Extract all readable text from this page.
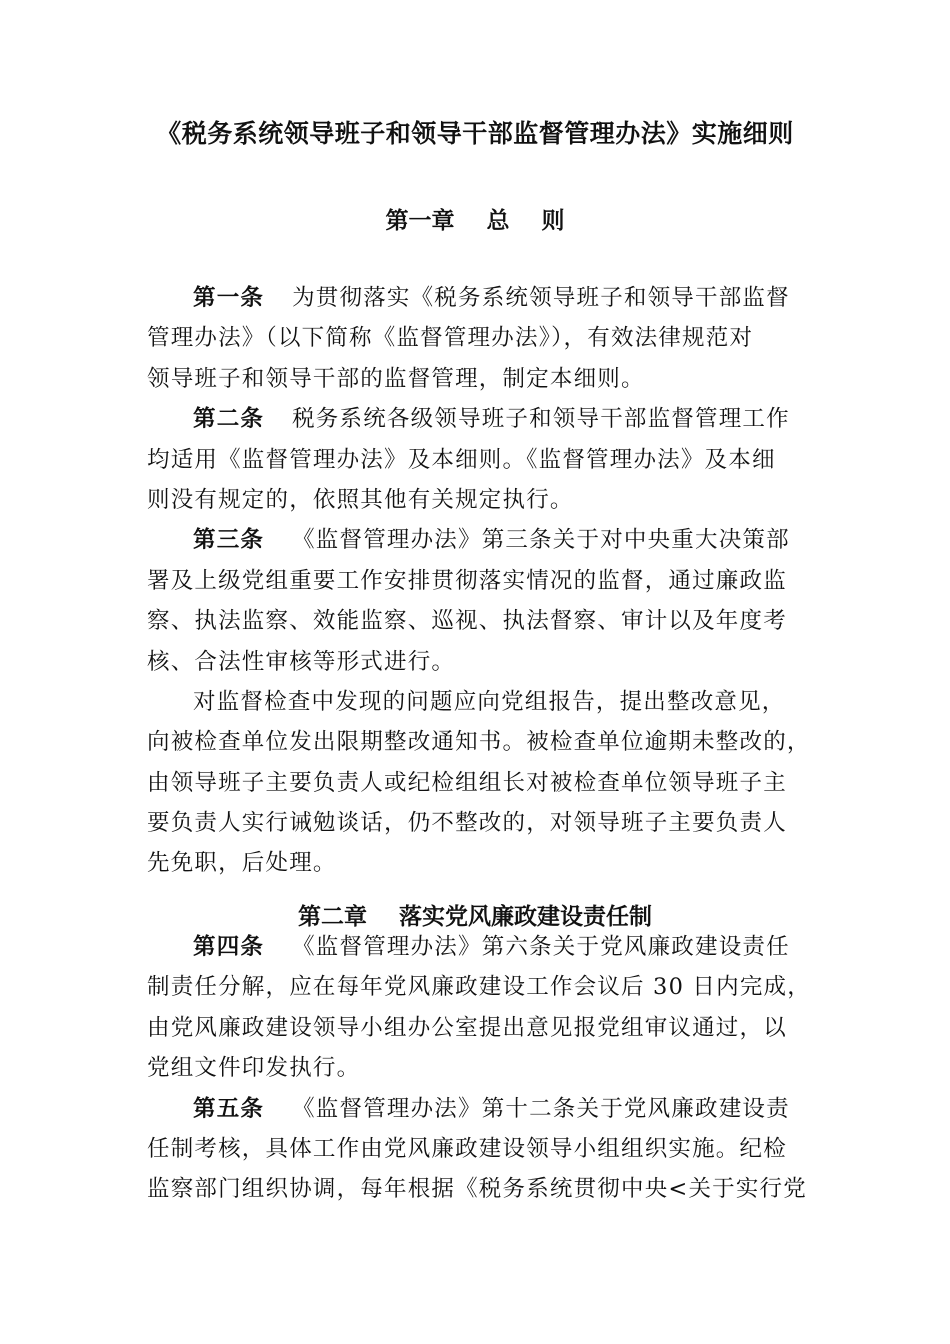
《税务系统领导班子和领导干部监督管理办法》实施细则
第一章    总    则
第一条 为贯彻落实《税务系统领导班子和领导干部监督
管理办法》（以下简称《监督管理办法》），有效法律规范对
领导班子和领导干部的监督管理，制定本细则。
第二条 税务系统各级领导班子和领导干部监督管理工作
均适用《监督管理办法》及本细则。《监督管理办法》及本细
则没有规定的，依照其他有关规定执行。
第三条 《监督管理办法》第三条关于对中央重大决策部
署及上级党组重要工作安排贯彻落实情况的监督，通过廉政监
察、执法监察、效能监察、巡视、执法督察、审计以及年度考
核、合法性审核等形式进行。
对监督检查中发现的问题应向党组报告，提出整改意见，
向被检查单位发出限期整改通知书。被检查单位逾期未整改的，
由领导班子主要负责人或纪检组组长对被检查单位领导班子主
要负责人实行诫勉谈话，仍不整改的，对领导班子主要负责人
先免职，后处理。
第二章    落实党风廉政建设责任制
第四条 《监督管理办法》第六条关于党风廉政建设责任
制责任分解，应在每年党风廉政建设工作会议后 30 日内完成，
由党风廉政建设领导小组办公室提出意见报党组审议通过，以
党组文件印发执行。
第五条 《监督管理办法》第十二条关于党风廉政建设责
任制考核，具体工作由党风廉政建设领导小组组织实施。纪检
监察部门组织协调，每年根据《税务系统贯彻中央<关于实行党
